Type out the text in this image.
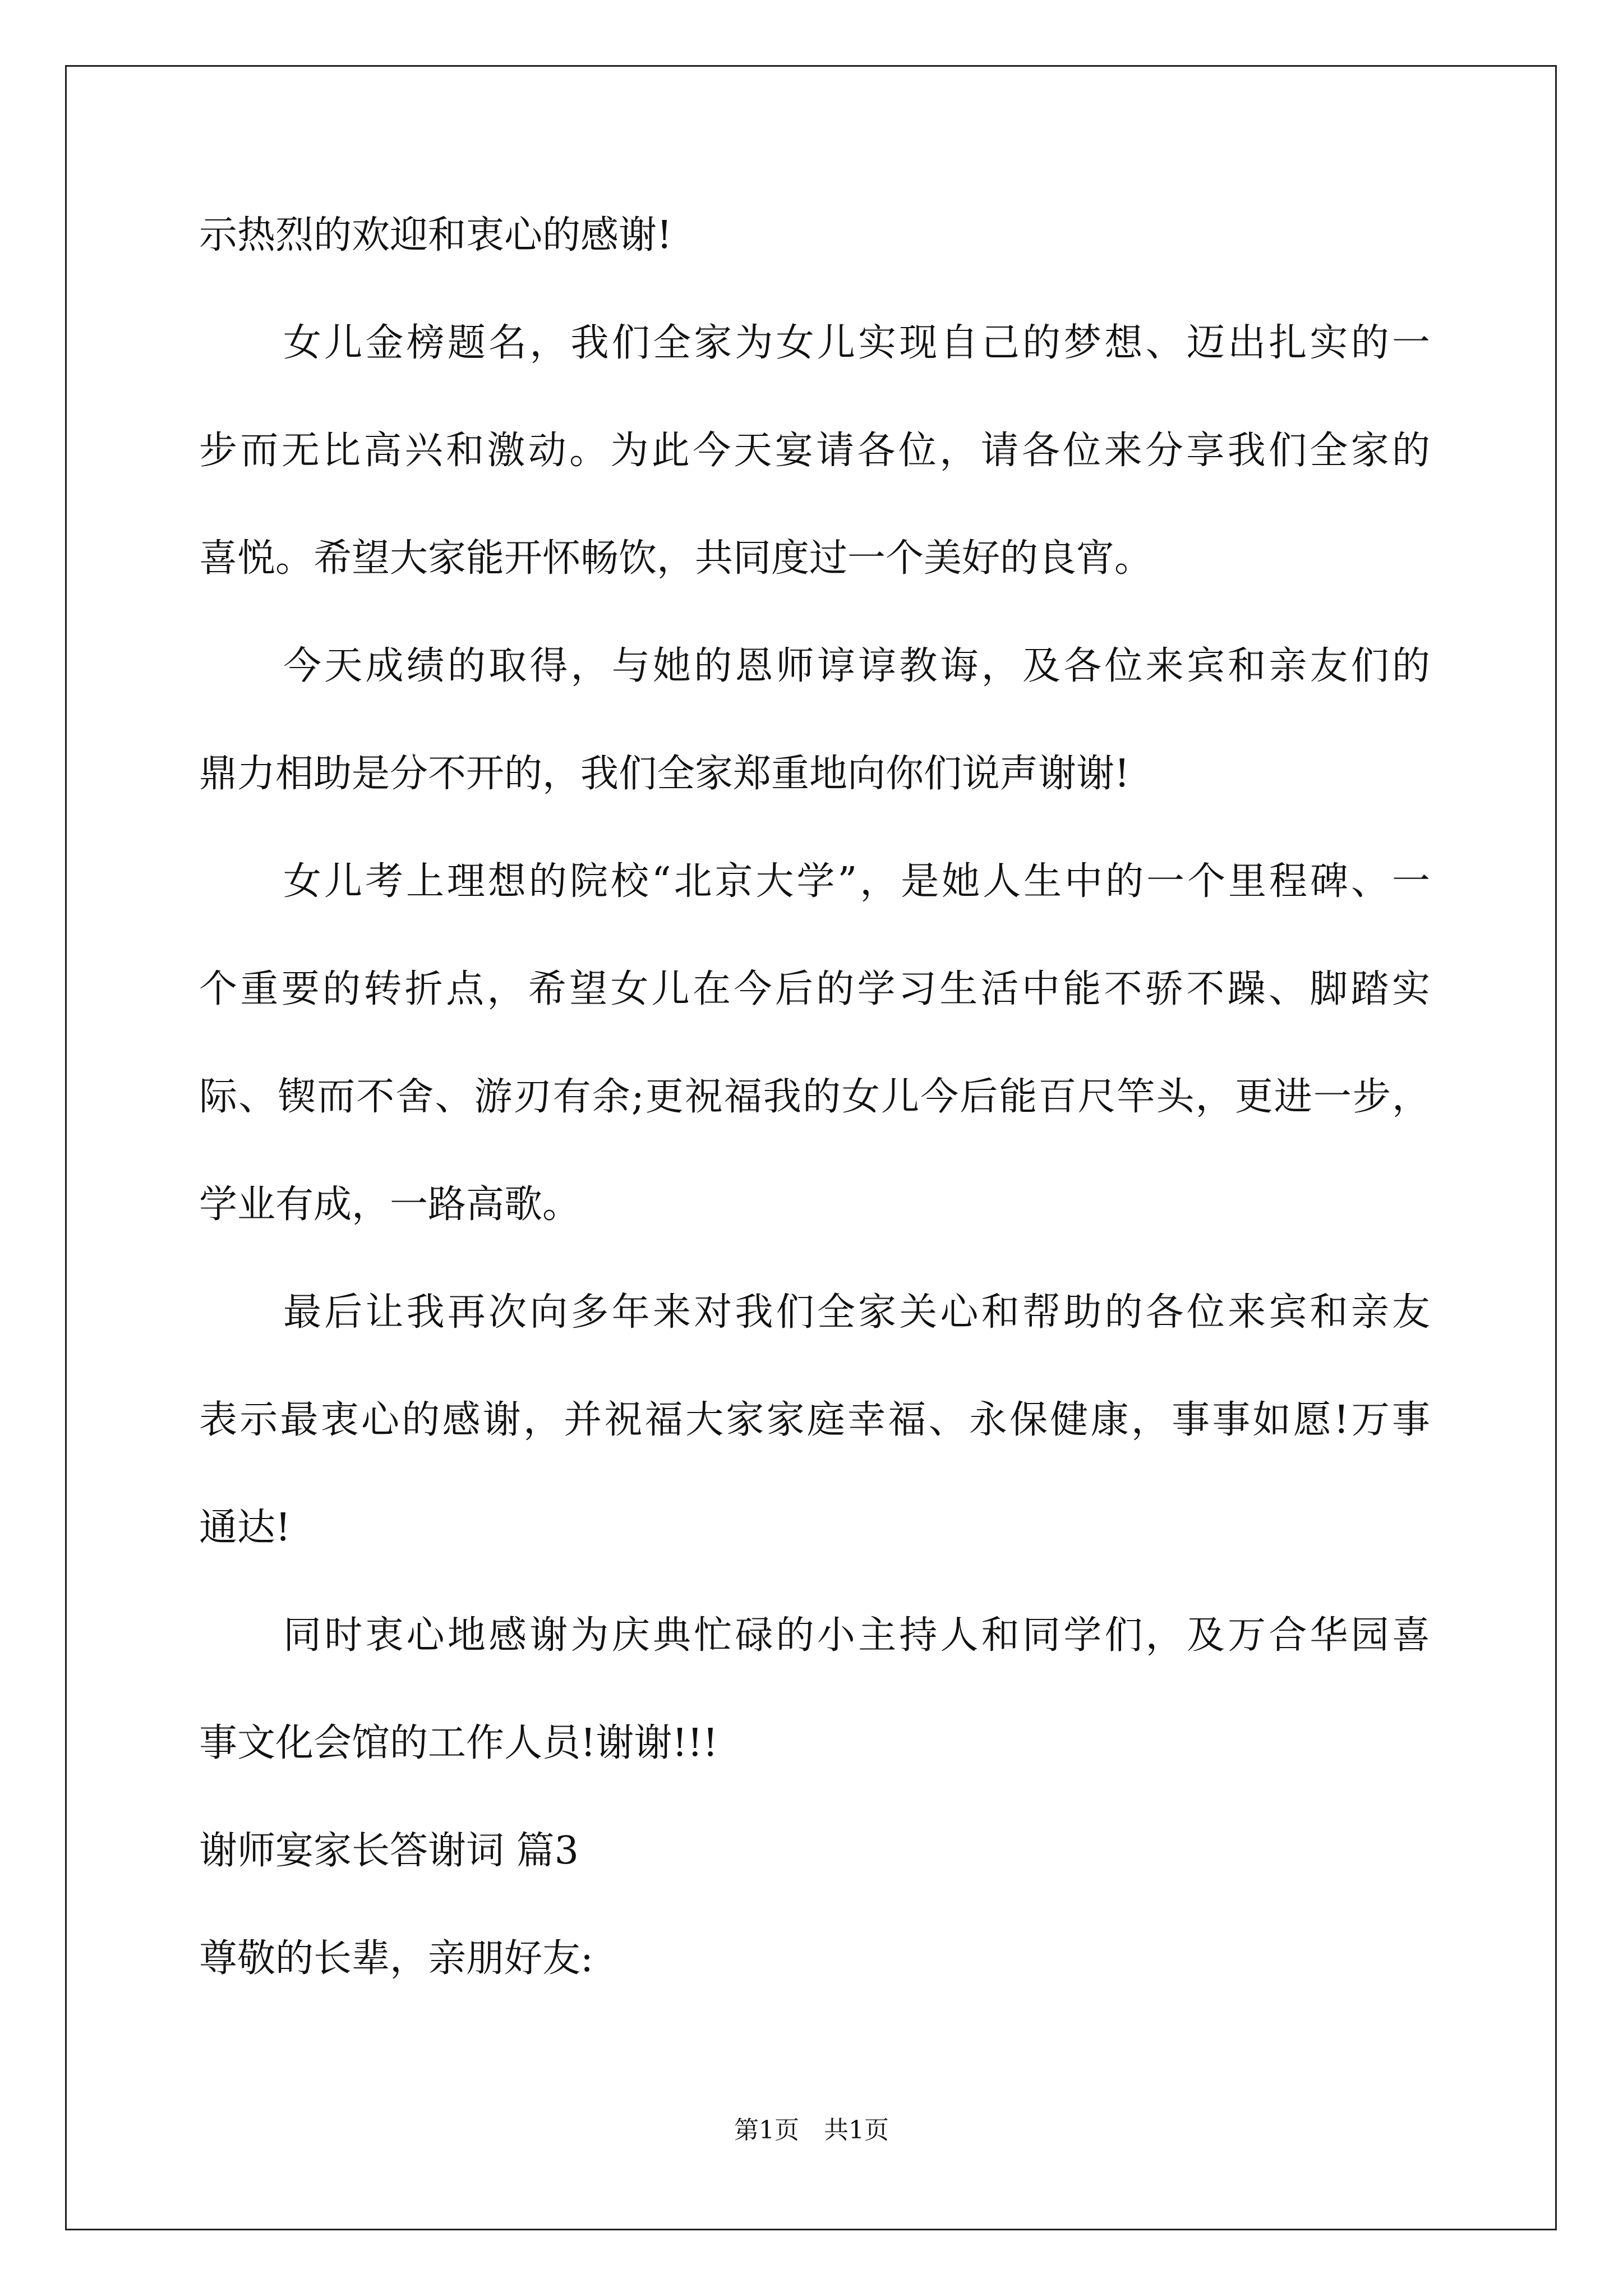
示热烈的欢迎和衷心的感谢!
女儿金榜题名，我们全家为女儿实现自己的梦想、迈出扎实的一
步而无比高兴和激动。为此今天宴请各位，请各位来分享我们全家的
喜悦。希望大家能开怀畅饮，共同度过一个美好的良宵。
今天成绩的取得，与她的恩师谆谆教诲，及各位来宾和亲友们的
鼎力相助是分不开的，我们全家郑重地向你们说声谢谢!
女儿考上理想的院校“北京大学”，是她人生中的一个里程碑、一
个重要的转折点，希望女儿在今后的学习生活中能不骄不躁、脚踏实
际、锲而不舍、游刃有余;更祝福我的女儿今后能百尺竿头，更进一步，
学业有成，一路高歌。
最后让我再次向多年来对我们全家关心和帮助的各位来宾和亲友
表示最衷心的感谢，并祝福大家家庭幸福、永保健康，事事如愿!万事
通达!
同时衷心地感谢为庆典忙碌的小主持人和同学们，及万合华园喜
事文化会馆的工作人员!谢谢!!!
谢师宴家长答谢词 篇3
尊敬的长辈，亲朋好友:
第1页 共1页
